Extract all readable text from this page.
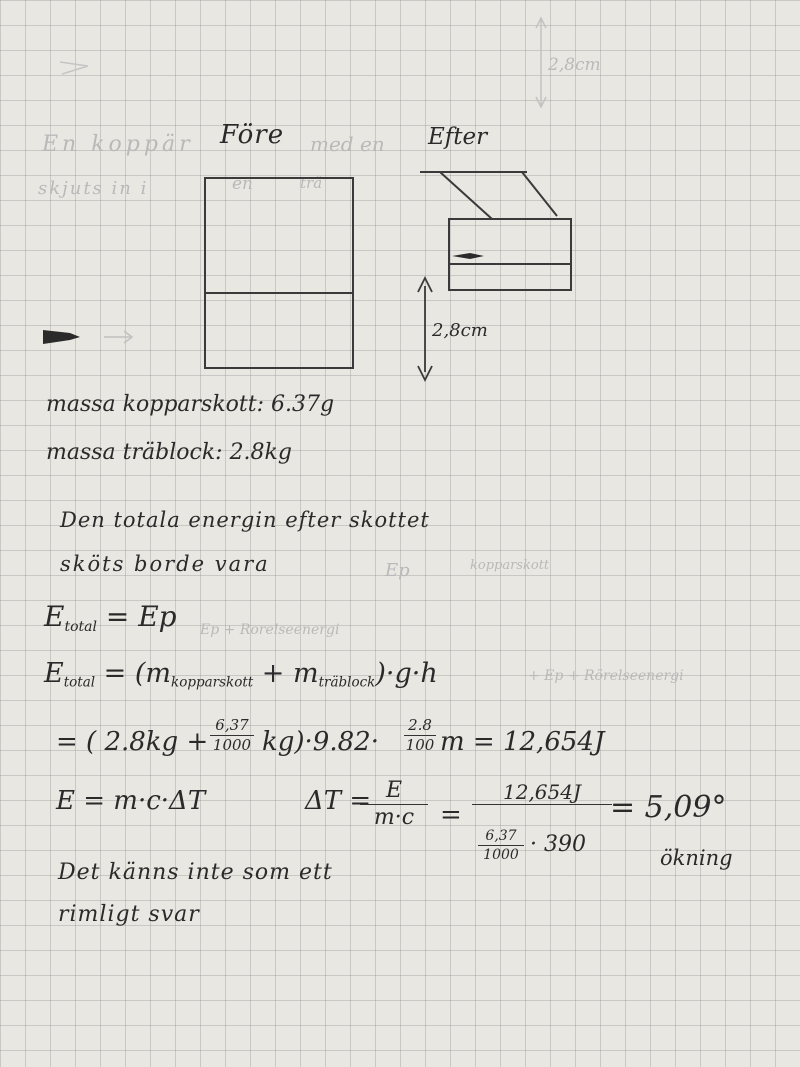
2,8cm
En koppär	med en
skjuts in i	en	trä
Ep	kopparskott
Ep + Rorelseenergi
+ Ep + Rörelseenergi
Före	Efter
2,8cm
massa kopparskott: 6.37g
massa träblock: 2.8kg
Den totala energin efter skottet
sköts borde vara
$E_{total} = Ep$
$E_{total} = (m_{kopparskott} + m_{träblock})\cdot g\cdot h$
= ( 2.8kg +
6,37
1000 kg)·9.82·
2.8
100 m = 12,654J
E = m·c·ΔT	ΔT = E
m·c =
12,654J
6,37
1000 · 390
= 5,09°
ökning
Det känns inte som ett
rimligt svar
